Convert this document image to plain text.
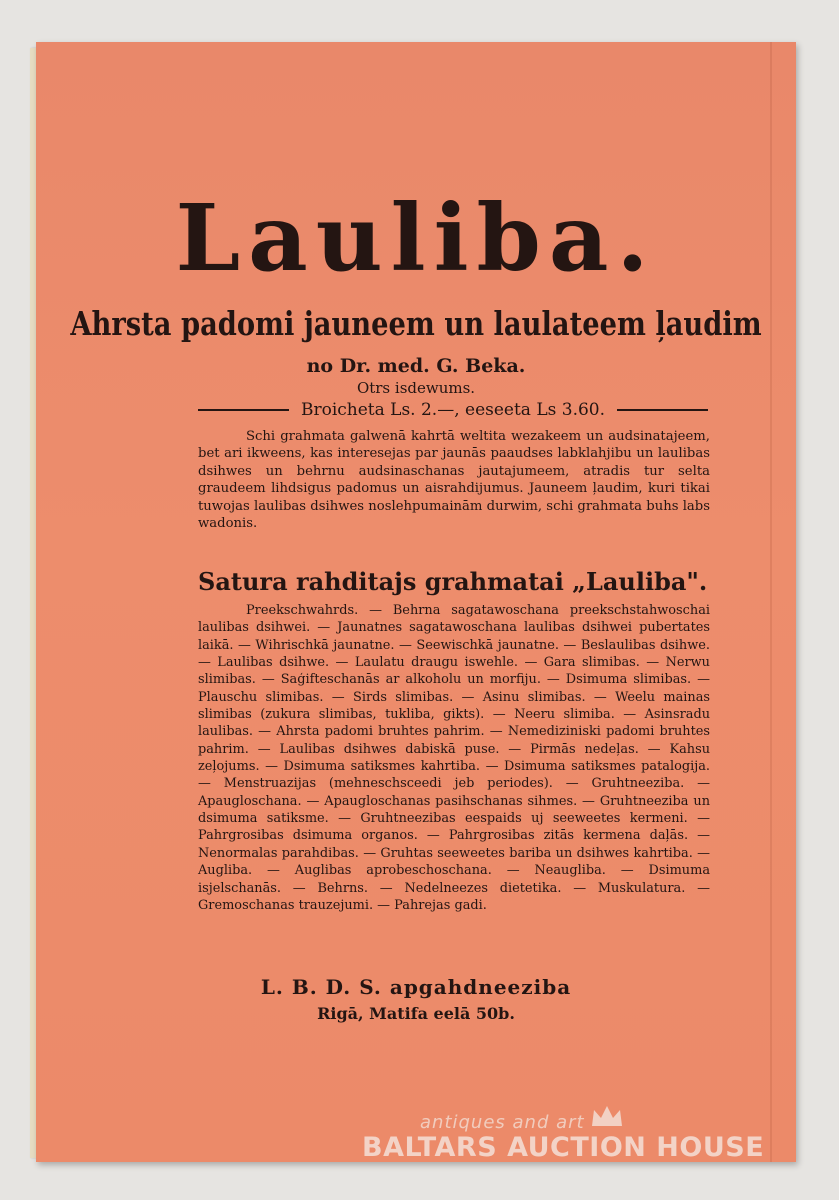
Lauliba.
Ahrsta padomi jauneem un laulateem ļaudim
no Dr. med. G. Beka.
Otrs isdewums.
Broicheta Ls. 2.—, eeseeta Ls 3.60.
Schi grahmata galwenā kahrtā weltita wezakeem un audsinatajeem, bet ari ikweens, kas interesejas par jaunās paaudses labklahjibu un laulibas dsihwes un behrnu audsinaschanas jautajumeem, atradis tur selta graudeem lihdsigus padomus un aisrahdijumus. Jauneem ļaudim, kuri tikai tuwojas laulibas dsihwes noslehpumainām durwim, schi grahmata buhs labs wadonis.
Satura rahditajs grahmatai „Lauliba".
Preekschwahrds. — Behrna sagatawoschana preekschstahwoschai laulibas dsihwei. — Jaunatnes sagatawoschana laulibas dsihwei pubertates laikā. — Wihrischkā jaunatne. — Seewischkā jaunatne. — Beslaulibas dsihwe. — Laulibas dsihwe. — Laulatu draugu iswehle. — Gara slimibas. — Nerwu slimibas. — Saģifteschanās ar alkoholu un morfiju. — Dsimuma slimibas. — Plauschu slimibas. — Sirds slimibas. — Asinu slimibas. — Weelu mainas slimibas (zukura slimibas, tukliba, gikts). — Neeru slimiba. — Asinsradu laulibas. — Ahrsta padomi bruhtes pahrim. — Nemediziniski padomi bruhtes pahrim. — Laulibas dsihwes dabiskā puse. — Pirmās nedeļas. — Kahsu zeļojums. — Dsimuma satiksmes kahrtiba. — Dsimuma satiksmes patalogija. — Menstruazijas (mehneschsceedi jeb periodes). — Gruhtneeziba. — Apaugloschana. — Apaugloschanas pasihschanas sihmes. — Gruhtneeziba un dsimuma satiksme. — Gruhtneezibas eespaids uj seeweetes kermeni. — Pahrgrosibas dsimuma organos. — Pahrgrosibas zitās kermena daļās. — Nenormalas parahdibas. — Gruhtas seeweetes bariba un dsihwes kahrtiba. — Augliba. — Auglibas aprobeschoschana. — Neaugliba. — Dsimuma isjelschanās. — Behrns. — Nedelneezes dietetika. — Muskulatura. — Gremoschanas trauzejumi. — Pahrejas gadi.
L. B. D. S. apgahdneeziba
Rigā, Matifa eelā 50b.
antiques and art
BALTARS AUCTION HOUSE
